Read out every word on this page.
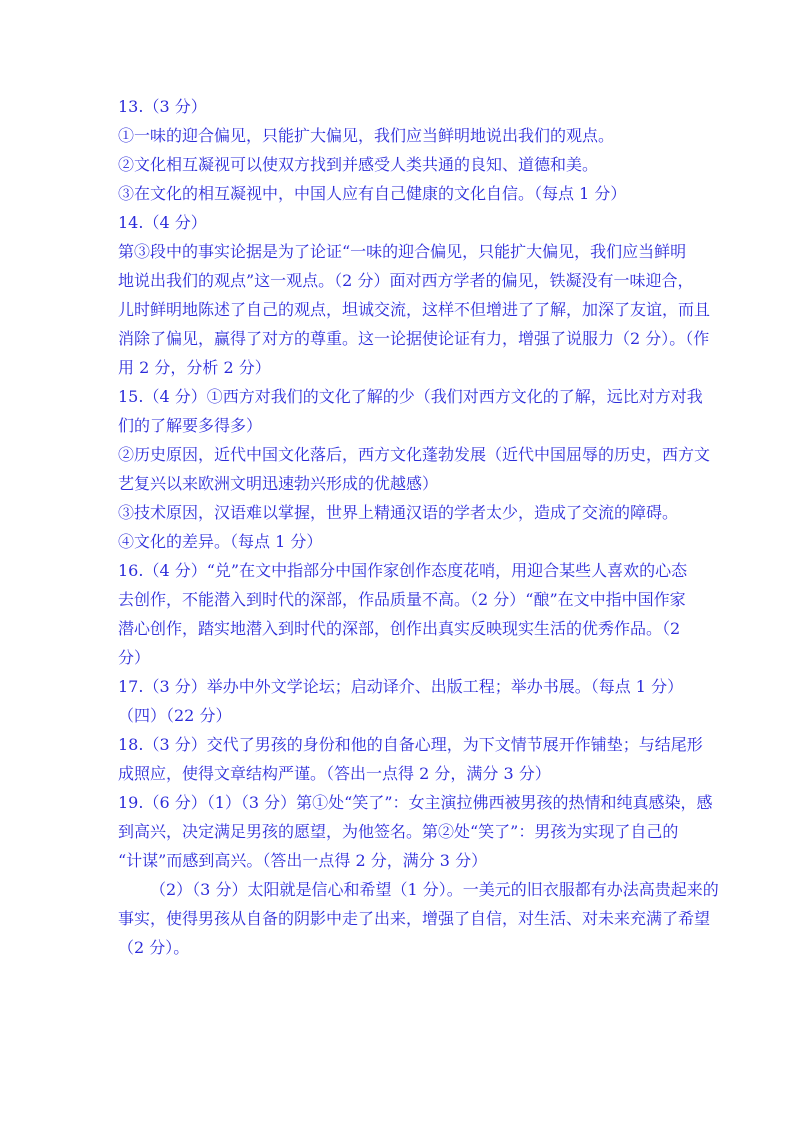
13.（3 分）
①一味的迎合偏见，只能扩大偏见，我们应当鲜明地说出我们的观点。
②文化相互凝视可以使双方找到并感受人类共通的良知、道德和美。
③在文化的相互凝视中，中国人应有自己健康的文化自信。（每点 1 分）
14.（4 分）
第③段中的事实论据是为了论证“一味的迎合偏见，只能扩大偏见，我们应当鲜明
地说出我们的观点”这一观点。（2 分）面对西方学者的偏见，铁凝没有一味迎合，
儿时鲜明地陈述了自己的观点，坦诚交流，这样不但增进了了解，加深了友谊，而且
消除了偏见，赢得了对方的尊重。这一论据使论证有力，增强了说服力（2 分）。（作
用 2 分，分析 2 分）
15.（4 分）①西方对我们的文化了解的少（我们对西方文化的了解，远比对方对我
们的了解要多得多）
②历史原因，近代中国文化落后，西方文化蓬勃发展（近代中国屈辱的历史，西方文
艺复兴以来欧洲文明迅速勃兴形成的优越感）
③技术原因，汉语难以掌握，世界上精通汉语的学者太少，造成了交流的障碍。
④文化的差异。（每点 1 分）
16.（4 分）“兑”在文中指部分中国作家创作态度花哨，用迎合某些人喜欢的心态
去创作，不能潜入到时代的深部，作品质量不高。（2 分）“酿”在文中指中国作家
潜心创作，踏实地潜入到时代的深部，创作出真实反映现实生活的优秀作品。（2
分）
17.（3 分）举办中外文学论坛；启动译介、出版工程；举办书展。（每点 1 分）
（四）（22 分）
18.（3 分）交代了男孩的身份和他的自备心理，为下文情节展开作铺垫；与结尾形
成照应，使得文章结构严谨。（答出一点得 2 分，满分 3 分）
19.（6 分）（1）（3 分）第①处“笑了”：女主演拉佛西被男孩的热情和纯真感染，感
到高兴，决定满足男孩的愿望，为他签名。第②处“笑了”：男孩为实现了自己的
“计谋”而感到高兴。（答出一点得 2 分，满分 3 分）
（2）（3 分）太阳就是信心和希望（1 分）。一美元的旧衣服都有办法高贵起来的
事实，使得男孩从自备的阴影中走了出来，增强了自信，对生活、对未来充满了希望
（2 分）。
